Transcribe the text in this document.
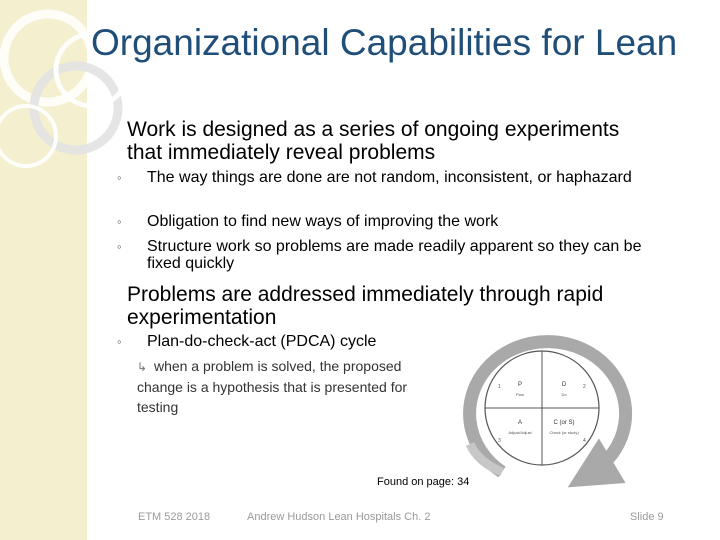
Organizational Capabilities for Lean
Work is designed as a series of ongoing experiments that immediately reveal problems
◦ The way things are done are not random, inconsistent, or haphazard
◦ Obligation to find new ways of improving the work
◦ Structure work so problems are made readily apparent so they can be fixed quickly
Problems are addressed immediately through rapid experimentation
◦ Plan-do-check-act (PDCA) cycle
↳ when a problem is solved, the proposed change is a hypothesis that is presented for testing
P
Plan
D
Do
A
Adjust/Adjust
C (or S)
Check (or study)
1	2
3	4
Found on page: 34
ETM 528 2018	Andrew Hudson Lean Hospitals Ch. 2	Slide 9
